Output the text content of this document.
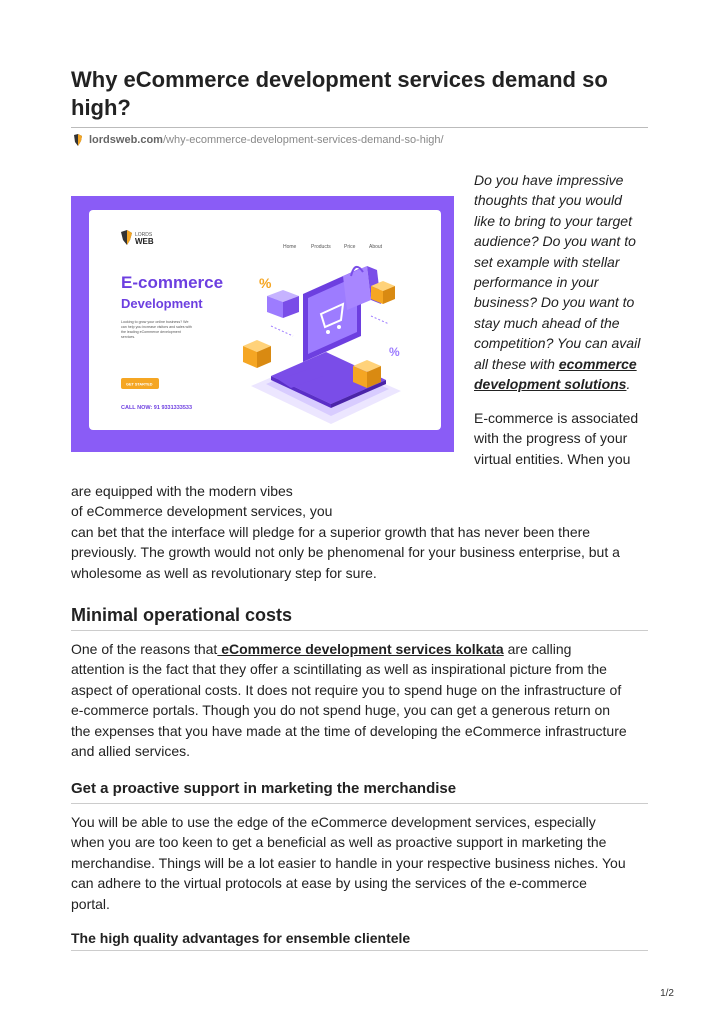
Why eCommerce development services demand so high?
lordsweb.com /why-ecommerce-development-services-demand-so-high/
LORDS
WEB
Home	Products	Price	About
E-commerce
Development
Looking to grow your online business? We
can help you increase visitors and sales with
the leading eCommerce development
services.
GET STARTED
CALL NOW: 91 9331333533
%
%
Do you have impressive
thoughts that you would
like to bring to your target
audience? Do you want to
set example with stellar
performance in your
business? Do you want to
stay much ahead of the
competition? You can avail
all these with ecommerce
development solutions.
E-commerce is associated
with the progress of your
virtual entities. When you
are equipped with the modern vibes
of eCommerce development services, you
can bet that the interface will pledge for a superior growth that has never been there
previously. The growth would not only be phenomenal for your business enterprise, but a
wholesome as well as revolutionary step for sure.
Minimal operational costs
One of the reasons that eCommerce development services kolkata are calling
attention is the fact that they offer a scintillating as well as inspirational picture from the
aspect of operational costs. It does not require you to spend huge on the infrastructure of
e-commerce portals. Though you do not spend huge, you can get a generous return on
the expenses that you have made at the time of developing the eCommerce infrastructure
and allied services.
Get a proactive support in marketing the merchandise
You will be able to use the edge of the eCommerce development services, especially
when you are too keen to get a beneficial as well as proactive support in marketing the
merchandise. Things will be a lot easier to handle in your respective business niches. You
can adhere to the virtual protocols at ease by using the services of the e-commerce
portal.
The high quality advantages for ensemble clientele
1/2
